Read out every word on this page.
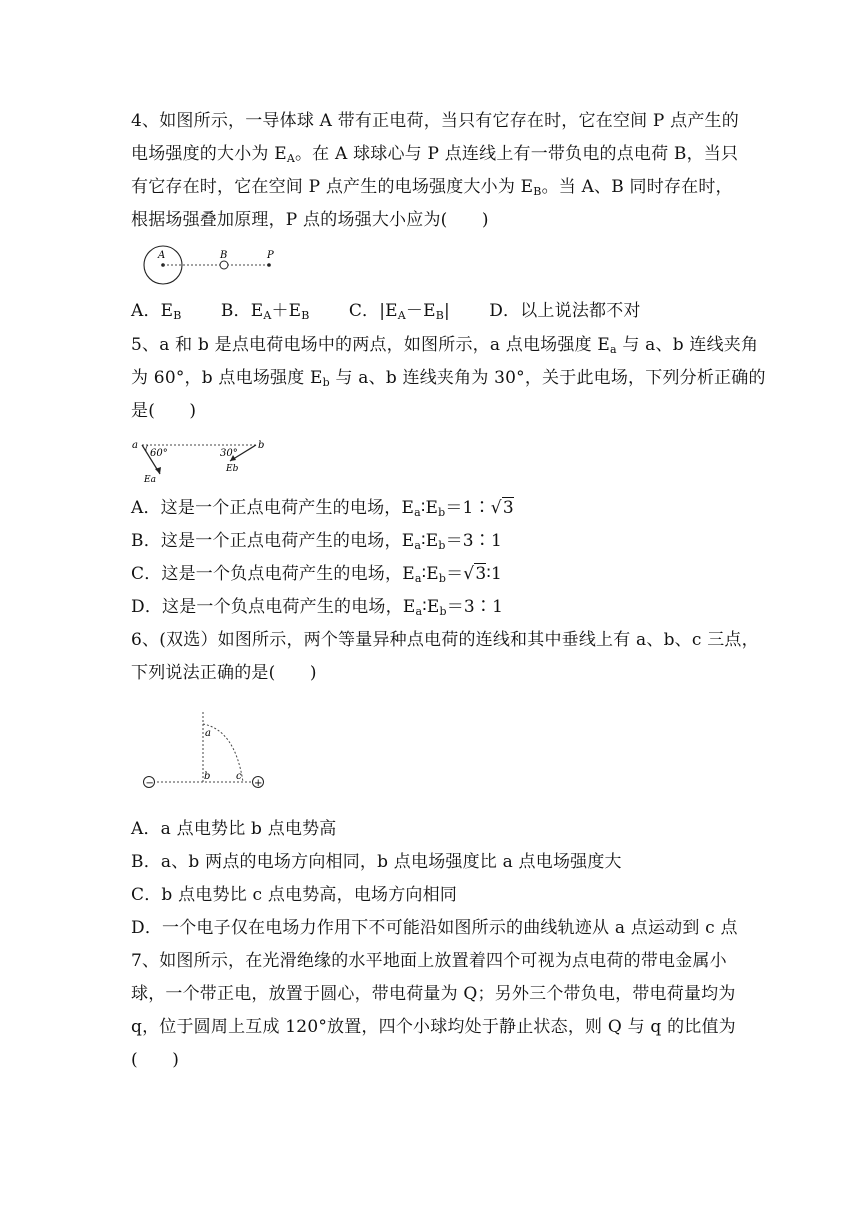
4、如图所示，一导体球 A 带有正电荷，当只有它存在时，它在空间 P 点产生的
电场强度的大小为 $E_A$。在 A 球球心与 P 点连线上有一带负电的点电荷 B，当只
有它存在时，它在空间 P 点产生的电场强度大小为 $E_B$。当 A、B 同时存在时，
根据场强叠加原理，P 点的场强大小应为(　　)
A	B	P
A．$E_B$ B．$E_A+E_B$ C．$|E_A-E_B|$ D．以上说法都不对
5、a 和 b 是点电荷电场中的两点，如图所示，a 点电场强度 $E_a$ 与 a、b 连线夹角
为 60°，b 点电场强度 $E_b$ 与 a、b 连线夹角为 30°，关于此电场，下列分析正确的
是(　　)
a	b
60°	30°
Ea
Eb
A．这是一个正点电荷产生的电场，$E_a∶E_b=1∶√3$
B．这是一个正点电荷产生的电场，$E_a∶E_b=3∶1$
C．这是一个负点电荷产生的电场，$E_a∶E_b=√3∶1$
D．这是一个负点电荷产生的电场，$E_a∶E_b=3∶1$
6、(双选）如图所示，两个等量异种点电荷的连线和其中垂线上有 a、b、c 三点，
下列说法正确的是(　　)
−	+
a
b	c
A．a 点电势比 b 点电势高
B．a、b 两点的电场方向相同，b 点电场强度比 a 点电场强度大
C．b 点电势比 c 点电势高，电场方向相同
D．一个电子仅在电场力作用下不可能沿如图所示的曲线轨迹从 a 点运动到 c 点
7、如图所示，在光滑绝缘的水平地面上放置着四个可视为点电荷的带电金属小
球，一个带正电，放置于圆心，带电荷量为 Q；另外三个带负电，带电荷量均为
q，位于圆周上互成 120°放置，四个小球均处于静止状态，则 Q 与 q 的比值为
(　　)
